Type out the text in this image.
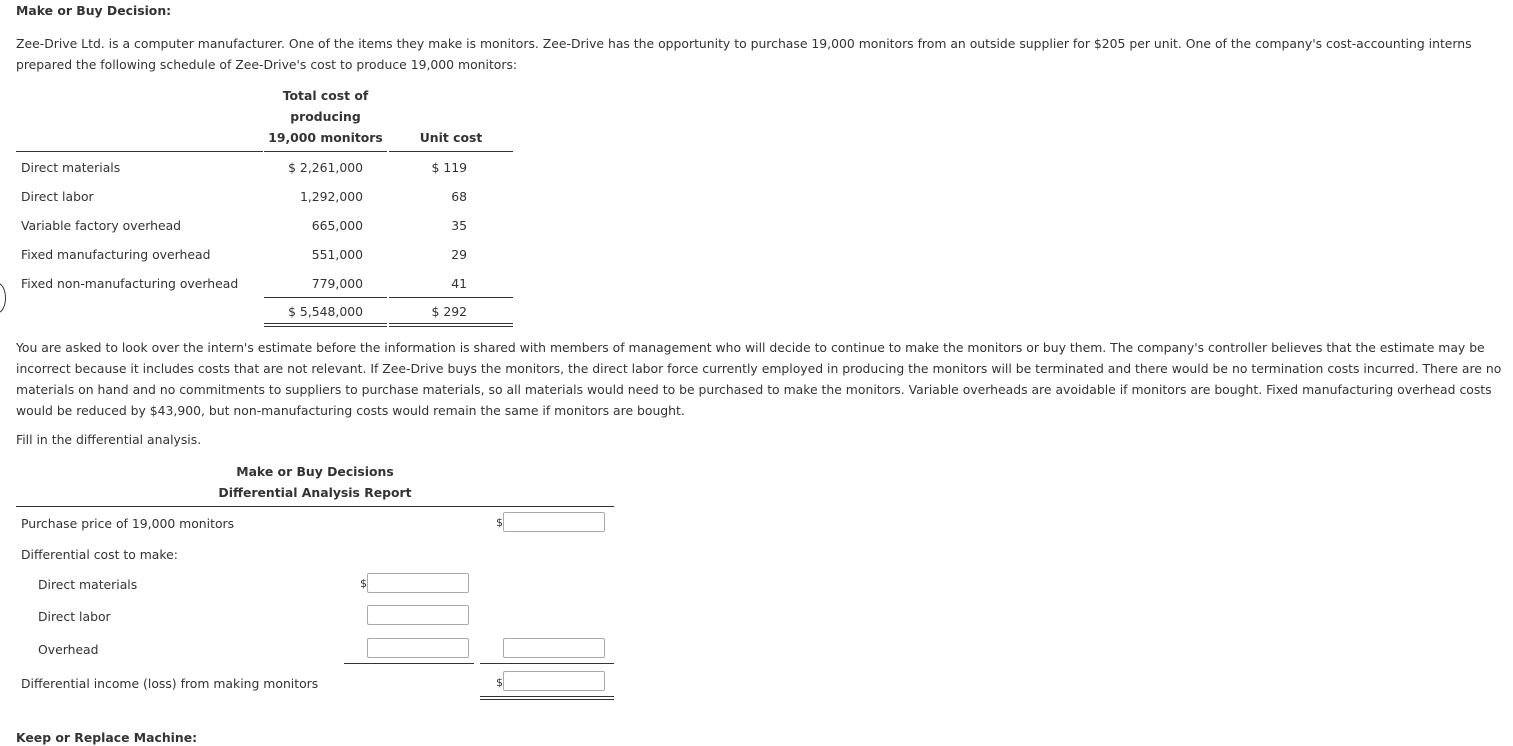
Make or Buy Decision:
Zee-Drive Ltd. is a computer manufacturer. One of the items they make is monitors. Zee-Drive has the opportunity to purchase 19,000 monitors from an outside supplier for $205 per unit. One of the company's cost-accounting interns prepared the following schedule of Zee-Drive's cost to produce 19,000 monitors:
Total cost of
producing
19,000 monitors	Unit cost
Direct materials	$ 2,261,000	$ 119
Direct labor	1,292,000	68
Variable factory overhead	665,000	35
Fixed manufacturing overhead	551,000	29
Fixed non-manufacturing overhead	779,000	41
$ 5,548,000	$ 292
You are asked to look over the intern's estimate before the information is shared with members of management who will decide to continue to make the monitors or buy them. The company's controller believes that the estimate may be incorrect because it includes costs that are not relevant. If Zee-Drive buys the monitors, the direct labor force currently employed in producing the monitors will be terminated and there would be no termination costs incurred. There are no materials on hand and no commitments to suppliers to purchase materials, so all materials would need to be purchased to make the monitors. Variable overheads are avoidable if monitors are bought. Fixed manufacturing overhead costs would be reduced by $43,900, but non-manufacturing costs would remain the same if monitors are bought.
Fill in the differential analysis.
Make or Buy Decisions
Differential Analysis Report
Purchase price of 19,000 monitors	$
Differential cost to make:
Direct materials	$
Direct labor
Overhead
Differential income (loss) from making monitors	$
Keep or Replace Machine:
